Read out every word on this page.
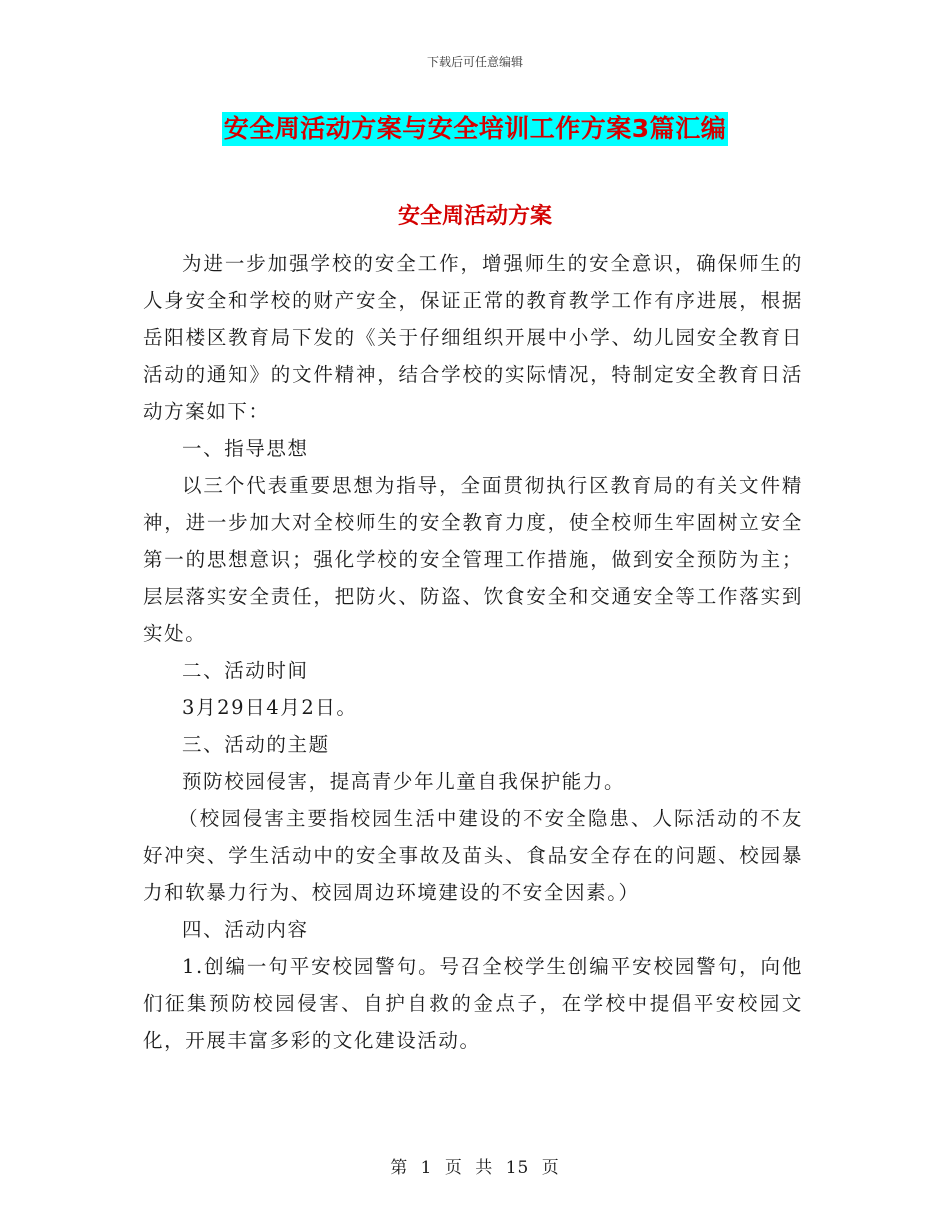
下载后可任意编辑
安全周活动方案与安全培训工作方案3篇汇编
安全周活动方案

为进一步加强学校的安全工作，增强师生的安全意识，确保师生的人身安全和学校的财产安全，保证正常的教育教学工作有序进展，根据岳阳楼区教育局下发的《关于仔细组织开展中小学、幼儿园安全教育日活动的通知》的文件精神，结合学校的实际情况，特制定安全教育日活动方案如下：

一、指导思想

以三个代表重要思想为指导，全面贯彻执行区教育局的有关文件精神，进一步加大对全校师生的安全教育力度，使全校师生牢固树立安全第一的思想意识；强化学校的安全管理工作措施，做到安全预防为主；层层落实安全责任，把防火、防盗、饮食安全和交通安全等工作落实到实处。

二、活动时间

3月29日4月2日。

三、活动的主题

预防校园侵害，提高青少年儿童自我保护能力。

（校园侵害主要指校园生活中建设的不安全隐患、人际活动的不友好冲突、学生活动中的安全事故及苗头、食品安全存在的问题、校园暴力和软暴力行为、校园周边环境建设的不安全因素。）

四、活动内容

1.创编一句平安校园警句。号召全校学生创编平安校园警句，向他们征集预防校园侵害、自护自救的金点子，在学校中提倡平安校园文化，开展丰富多彩的文化建设活动。

第 1 页 共 15 页
